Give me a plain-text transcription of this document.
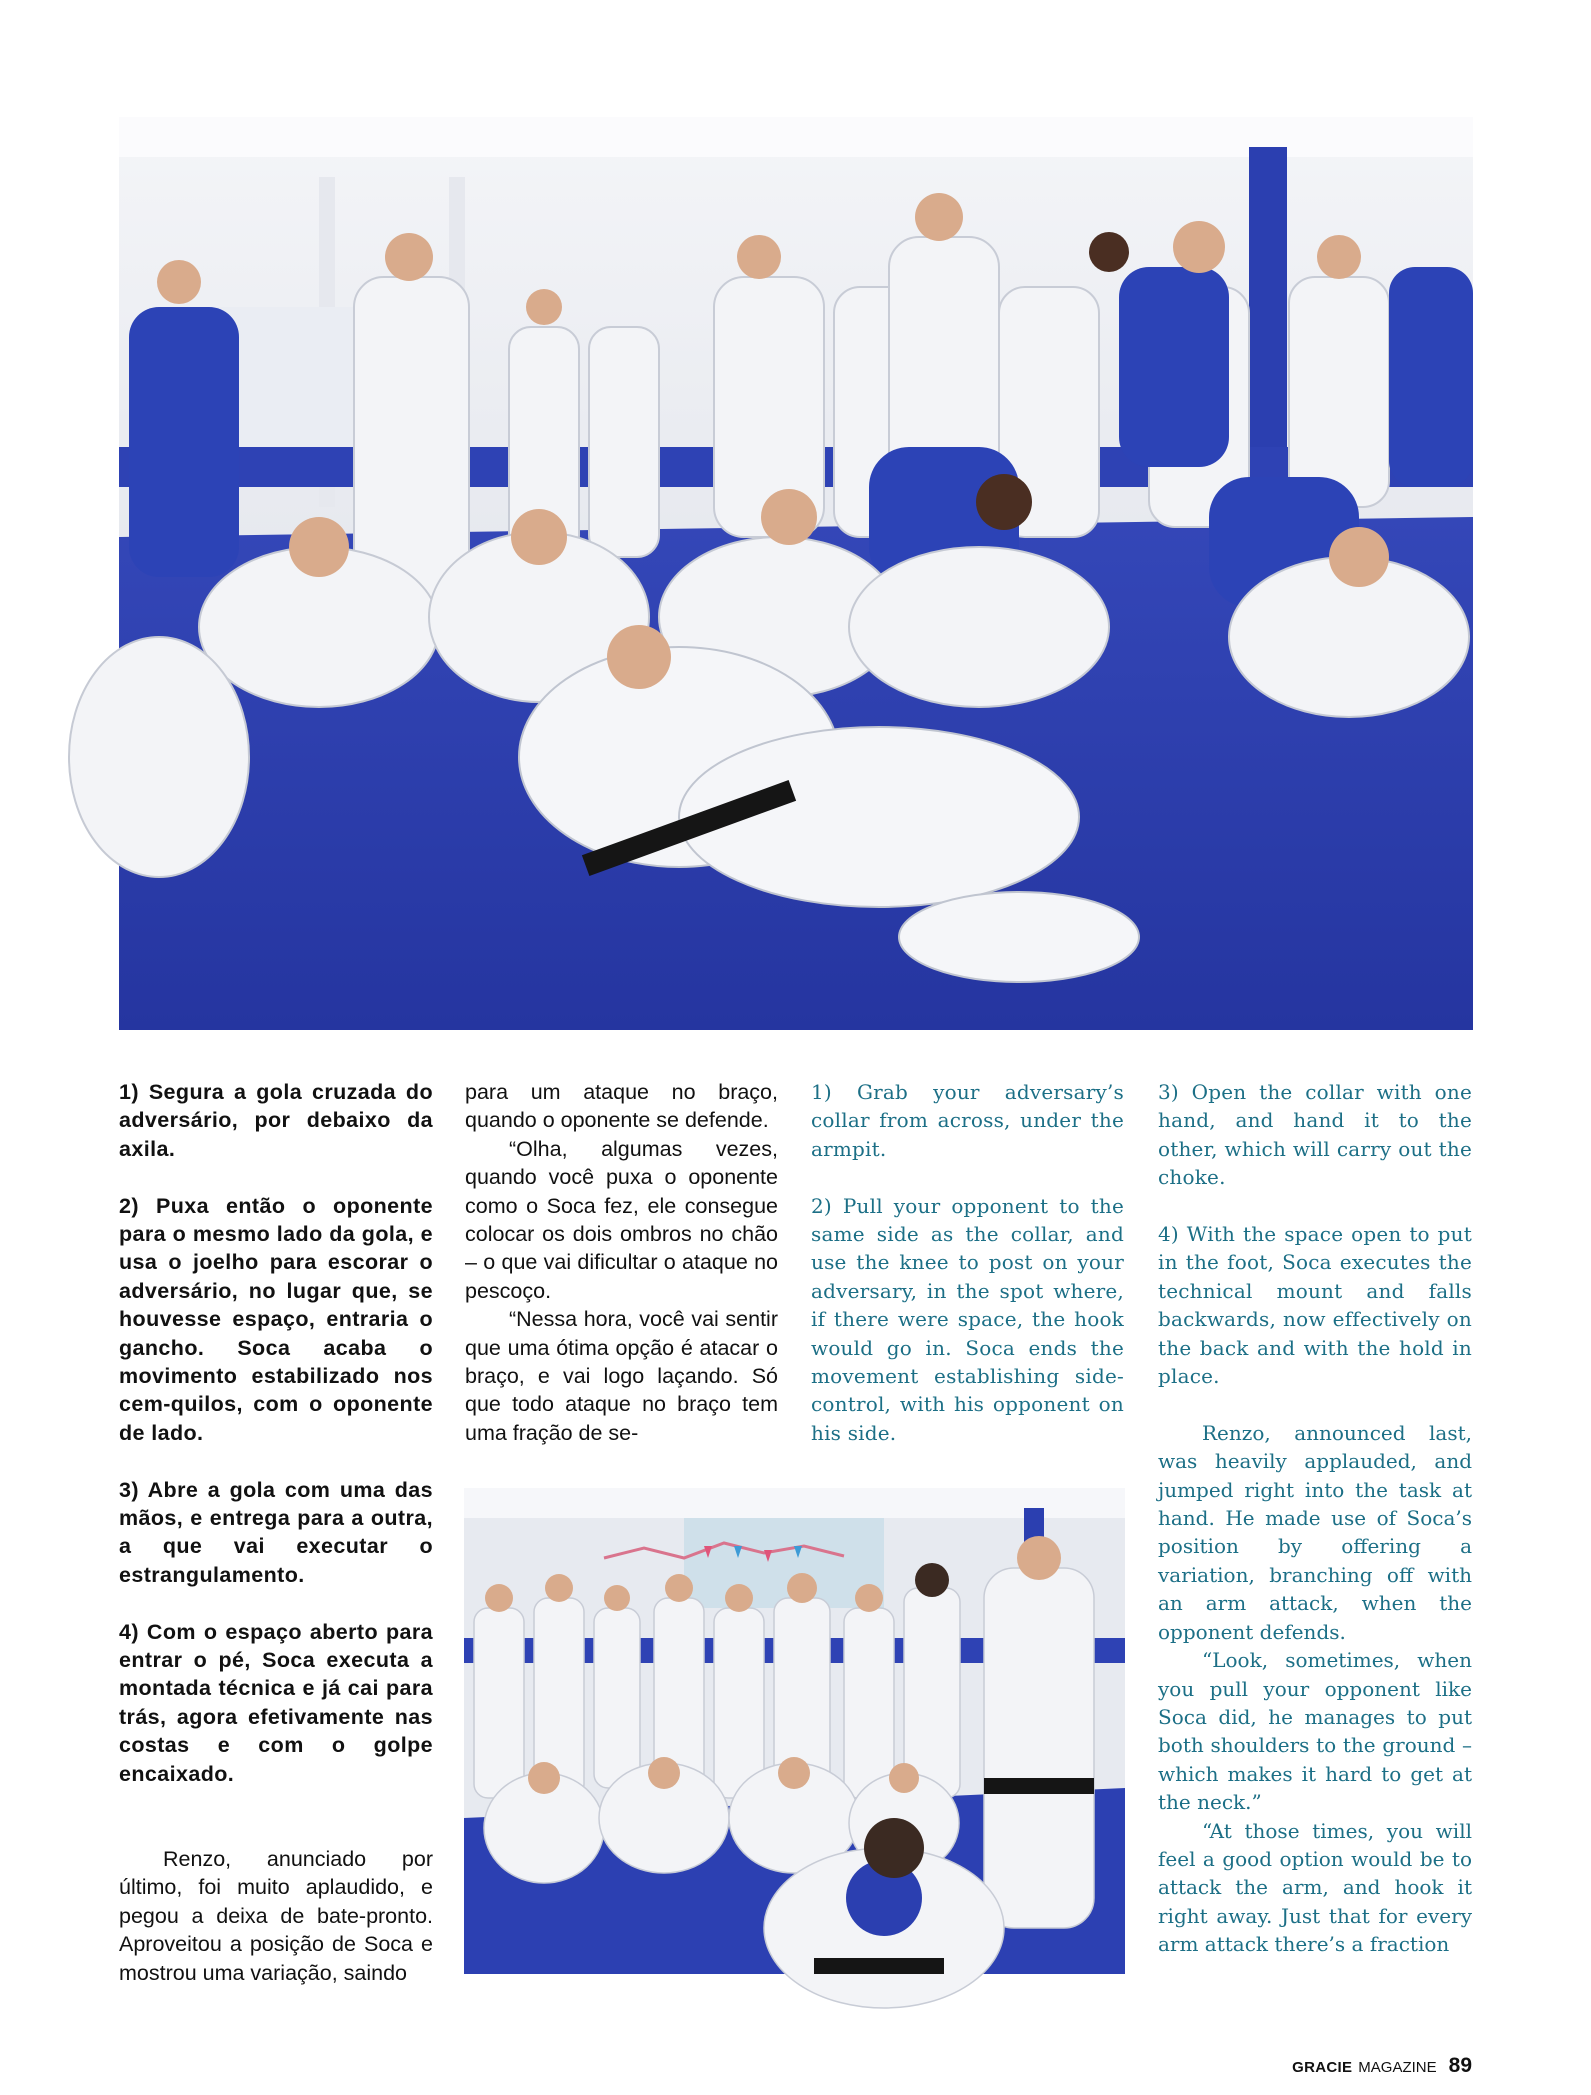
7

1) Segura a gola cruzada do adversário, por debaixo da axila.

2) Puxa então o oponente para o mesmo lado da gola, e usa o joelho para escorar o adversário, no lugar que, se houvesse espaço, entraria o gancho. Soca acaba o movimento estabilizado nos cem-quilos, com o oponente de lado.

3) Abre a gola com uma das mãos, e entrega para a outra, a que vai executar o estrangulamento.

4) Com o espaço aberto para entrar o pé, Soca executa a montada técnica e já cai para trás, agora efetivamente nas costas e com o golpe encaixado.

Renzo, anunciado por último, foi muito aplaudido, e pegou a deixa de bate-pronto. Aproveitou a posição de Soca e mostrou uma variação, saindo

para um ataque no braço, quando o oponente se defende.

“Olha, algumas vezes, quando você puxa o oponente como o Soca fez, ele consegue colocar os dois ombros no chão – o que vai dificultar o ataque no pescoço.

“Nessa hora, você vai sentir que uma ótima opção é atacar o braço, e vai logo laçando. Só que todo ataque no braço tem uma fração de se-

1) Grab your adversary’s collar from across, under the armpit.

2) Pull your opponent to the same side as the collar, and use the knee to post on your adversary, in the spot where, if there were space, the hook would go in. Soca ends the movement establishing side-control, with his opponent on his side.

3) Open the collar with one hand, and hand it to the other, which will carry out the choke.

4) With the space open to put in the foot, Soca executes the technical mount and falls backwards, now effectively on the back and with the hold in place.

Renzo, announced last, was heavily applauded, and jumped right into the task at hand. He made use of Soca’s position by offering a variation, branching off with an arm attack, when the opponent defends.

“Look, sometimes, when you pull your opponent like Soca did, he manages to put both shoulders to the ground – which makes it hard to get at the neck.”

“At those times, you will feel a good option would be to attack the arm, and hook it right away. Just that for every arm attack there’s a fraction

GRACIE MAGAZINE 89
